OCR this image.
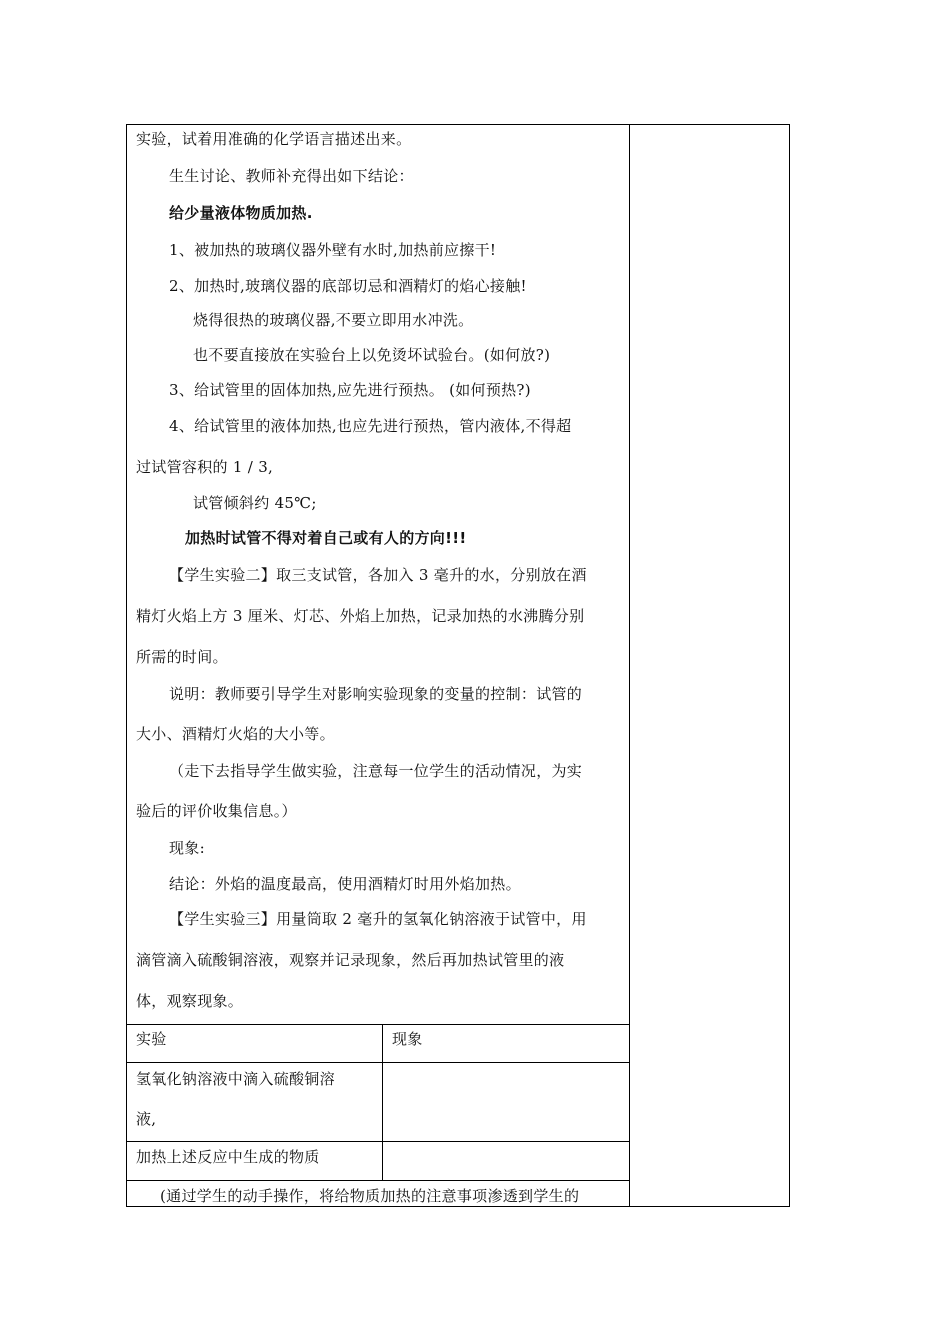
实验，试着用准确的化学语言描述出来。
生生讨论、教师补充得出如下结论：
给少量液体物质加热.
1、被加热的玻璃仪器外壁有水时,加热前应擦干!
2、加热时,玻璃仪器的底部切忌和酒精灯的焰心接触!
烧得很热的玻璃仪器,不要立即用水冲洗。
也不要直接放在实验台上以免烫坏试验台。(如何放?)
3、给试管里的固体加热,应先进行预热。 (如何预热?)
4、给试管里的液体加热,也应先进行预热，管内液体,不得超
过试管容积的 1 / 3,
试管倾斜约 45℃;
加热时试管不得对着自己或有人的方向!!!
【学生实验二】取三支试管，各加入 3 毫升的水，分别放在酒
精灯火焰上方 3 厘米、灯芯、外焰上加热，记录加热的水沸腾分别
所需的时间。
说明：教师要引导学生对影响实验现象的变量的控制：试管的
大小、酒精灯火焰的大小等。
（走下去指导学生做实验，注意每一位学生的活动情况，为实
验后的评价收集信息。）
现象:
结论：外焰的温度最高，使用酒精灯时用外焰加热。
【学生实验三】用量筒取 2 毫升的氢氧化钠溶液于试管中，用
滴管滴入硫酸铜溶液，观察并记录现象，然后再加热试管里的液
体，观察现象。
实验	现象
氢氧化钠溶液中滴入硫酸铜溶
液,
加热上述反应中生成的物质
(通过学生的动手操作，将给物质加热的注意事项渗透到学生的
